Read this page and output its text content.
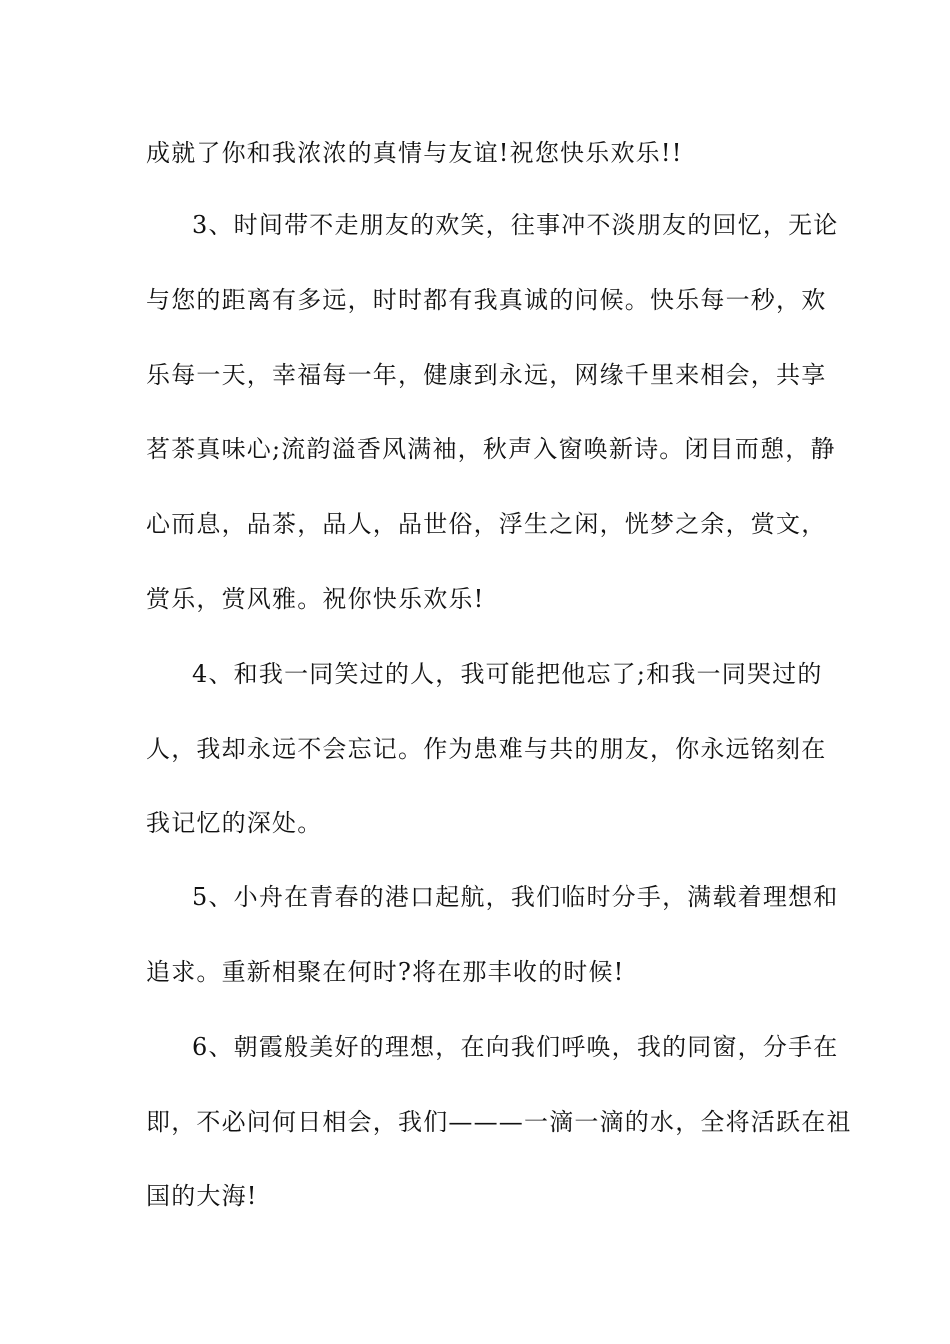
成就了你和我浓浓的真情与友谊!祝您快乐欢乐!!
3、时间带不走朋友的欢笑，往事冲不淡朋友的回忆，无论
与您的距离有多远，时时都有我真诚的问候。快乐每一秒，欢
乐每一天，幸福每一年，健康到永远，网缘千里来相会，共享
茗茶真味心;流韵溢香风满袖，秋声入窗唤新诗。闭目而憩，静
心而息，品茶，品人，品世俗，浮生之闲，恍梦之余，赏文，
赏乐，赏风雅。祝你快乐欢乐!
4、和我一同笑过的人，我可能把他忘了;和我一同哭过的
人，我却永远不会忘记。作为患难与共的朋友，你永远铭刻在
我记忆的深处。
5、小舟在青春的港口起航，我们临时分手，满载着理想和
追求。重新相聚在何时?将在那丰收的时候!
6、朝霞般美好的理想，在向我们呼唤，我的同窗，分手在
即，不必问何日相会，我们———一滴一滴的水，全将活跃在祖
国的大海!
